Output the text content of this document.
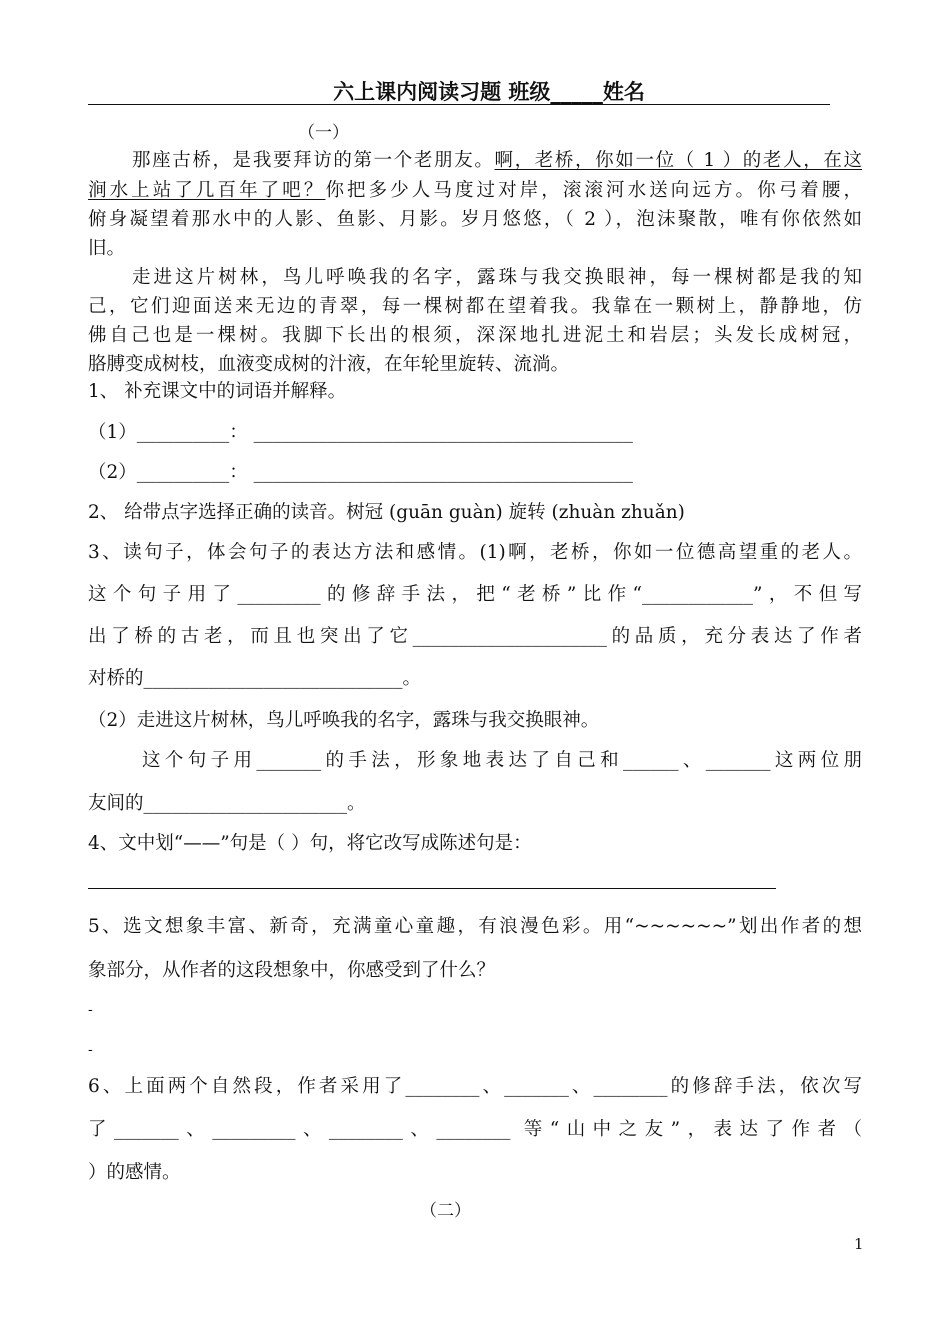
六上课内阅读习题 班级_____姓名
（一）
那座古桥，是我要拜访的第一个老朋友。啊，老桥，你如一位（ 1 ）的老人，在这
涧水上站了几百年了吧？你把多少人马度过对岸，滚滚河水送向远方。你弓着腰，
俯身凝望着那水中的人影、鱼影、月影。岁月悠悠，（ 2 ），泡沫聚散，唯有你依然如
旧。
走进这片树林，鸟儿呼唤我的名字，露珠与我交换眼神，每一棵树都是我的知
己，它们迎面送来无边的青翠，每一棵树都在望着我。我靠在一颗树上，静静地，仿
佛自己也是一棵树。我脚下长出的根须，深深地扎进泥土和岩层；头发长成树冠，
胳膊变成树枝，血液变成树的汁液，在年轮里旋转、流淌。
1、 补充课文中的词语并解释。
（1）__________： _________________________________________
（2）__________： _________________________________________
2、 给带点字选择正确的读音。树冠 (guān guàn) 旋转 (zhuàn zhuǎn)
3、读句子，体会句子的表达方法和感情。(1)啊，老桥，你如一位德高望重的老人。
这个句子用了_________的修辞手法，把“老桥”比作“____________”，不但写
出了桥的古老，而且也突出了它_____________________的品质，充分表达了作者
对桥的____________________________。
（2）走进这片树林，鸟儿呼唤我的名字，露珠与我交换眼神。
这个句子用_______的手法，形象地表达了自己和______、_______这两位朋
友间的______________________。
4、文中划“——”句是（ ）句，将它改写成陈述句是：
5、选文想象丰富、新奇，充满童心童趣，有浪漫色彩。用“~~~~~~”划出作者的想
象部分，从作者的这段想象中，你感受到了什么？
-
-
6、上面两个自然段，作者采用了________、_______、________的修辞手法，依次写
了_______、_________、________、________ 等“山中之友”，表达了作者（
）的感情。
（二）
1
